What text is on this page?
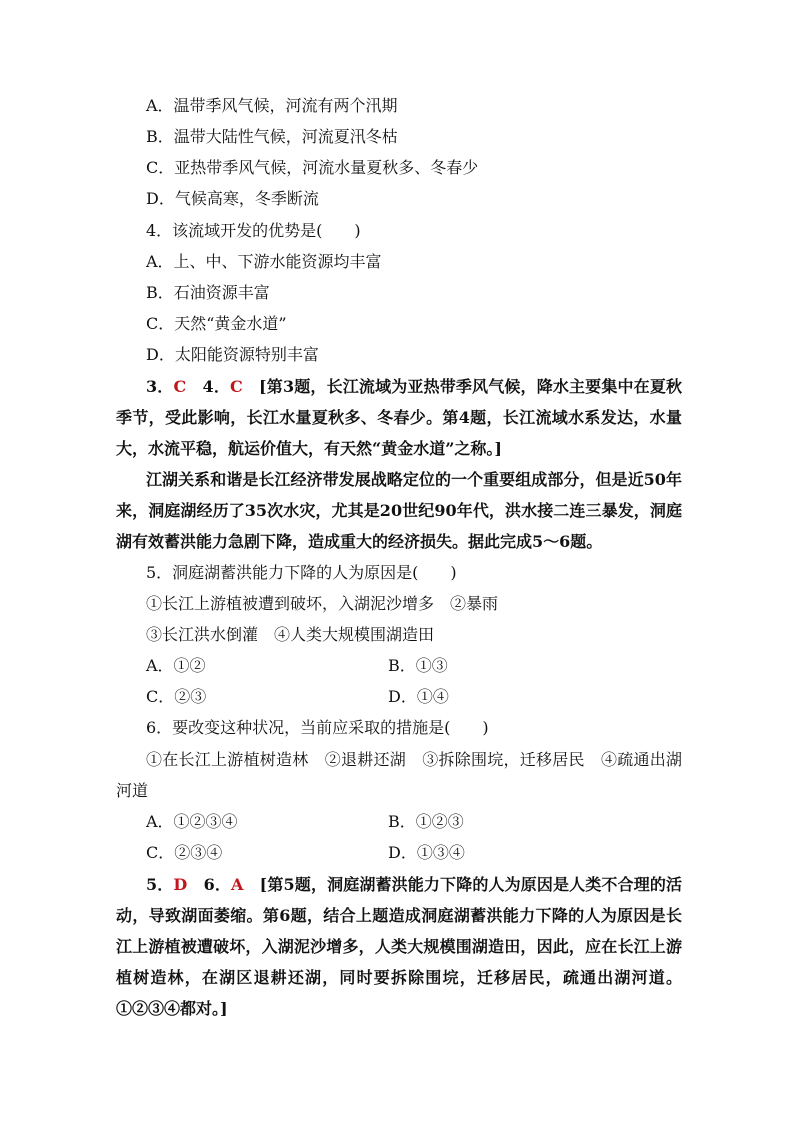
A．温带季风气候，河流有两个汛期
B．温带大陆性气候，河流夏汛冬枯
C．亚热带季风气候，河流水量夏秋多、冬春少
D．气候高寒，冬季断流
4．该流域开发的优势是(　　)
A．上、中、下游水能资源均丰富
B．石油资源丰富
C．天然“黄金水道”
D．太阳能资源特别丰富
3．C　4．C　[第3题，长江流域为亚热带季风气候，降水主要集中在夏秋季节，受此影响，长江水量夏秋多、冬春少。第4题，长江流域水系发达，水量大，水流平稳，航运价值大，有天然“黄金水道”之称。]
江湖关系和谐是长江经济带发展战略定位的一个重要组成部分，但是近50年来，洞庭湖经历了35次水灾，尤其是20世纪90年代，洪水接二连三暴发，洞庭湖有效蓄洪能力急剧下降，造成重大的经济损失。据此完成5～6题。
5．洞庭湖蓄洪能力下降的人为原因是(　　)
①长江上游植被遭到破坏，入湖泥沙增多　②暴雨
③长江洪水倒灌　④人类大规模围湖造田
A．①②	B．①③
C．②③	D．①④
6．要改变这种状况，当前应采取的措施是(　　)
①在长江上游植树造林　②退耕还湖　③拆除围垸，迁移居民　④疏通出湖河道
A．①②③④	B．①②③
C．②③④	D．①③④
5．D　6．A　[第5题，洞庭湖蓄洪能力下降的人为原因是人类不合理的活动，导致湖面萎缩。第6题，结合上题造成洞庭湖蓄洪能力下降的人为原因是长江上游植被遭破坏，入湖泥沙增多，人类大规模围湖造田，因此，应在长江上游植树造林，在湖区退耕还湖，同时要拆除围垸，迁移居民，疏通出湖河道。①②③④都对。]
